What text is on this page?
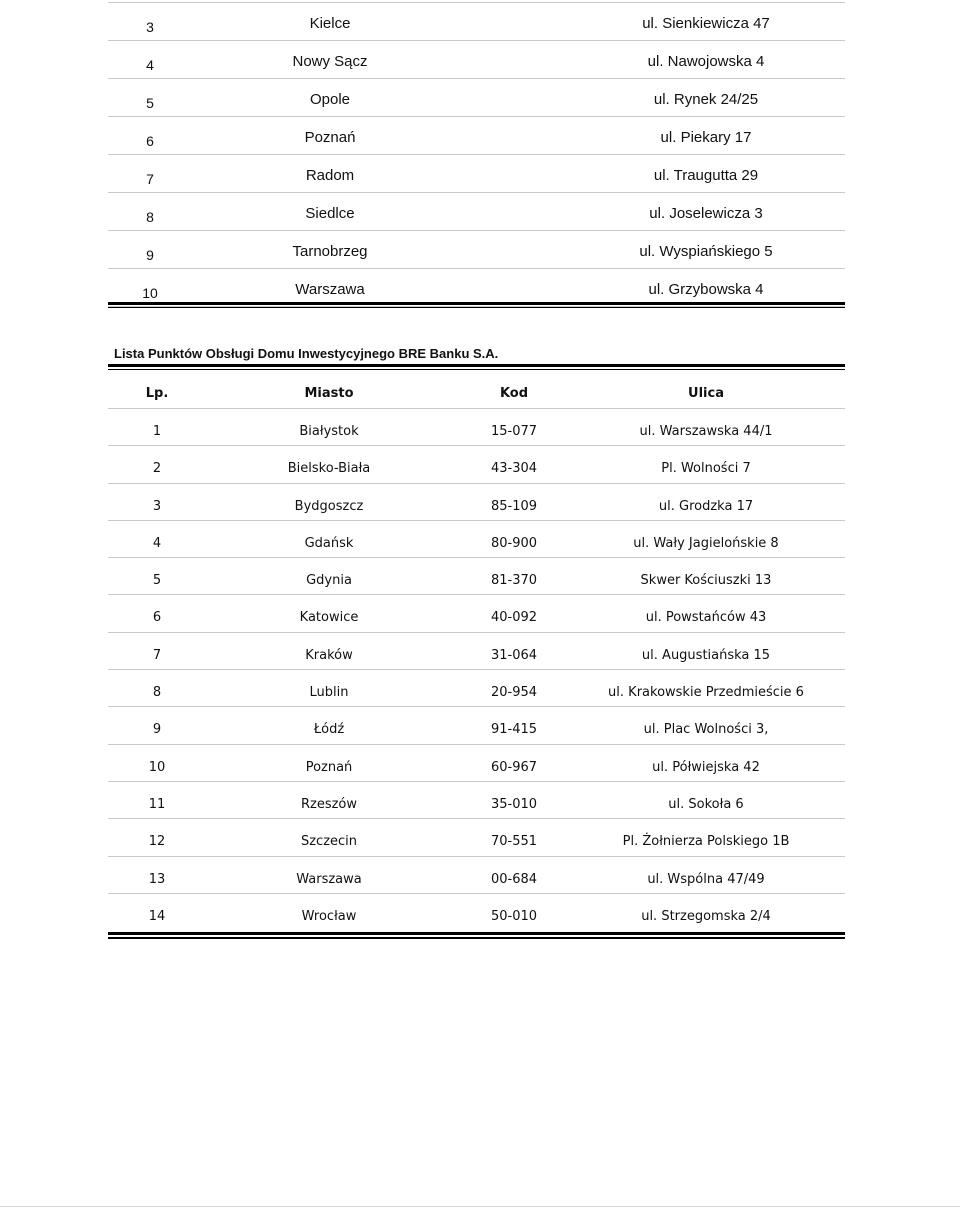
3	Kielce	ul. Sienkiewicza 47
4	Nowy Sącz	ul. Nawojowska 4
5	Opole	ul. Rynek 24/25
6	Poznań	ul. Piekary 17
7	Radom	ul. Traugutta 29
8	Siedlce	ul. Joselewicza 3
9	Tarnobrzeg	ul. Wyspiańskiego 5
10	Warszawa	ul. Grzybowska 4
Lista Punktów Obsługi Domu Inwestycyjnego BRE Banku S.A.
Lp.	Miasto	Kod	Ulica
1	Białystok	15-077	ul. Warszawska 44/1
2	Bielsko-Biała	43-304	Pl. Wolności 7
3	Bydgoszcz	85-109	ul. Grodzka 17
4	Gdańsk	80-900	ul. Wały Jagielońskie 8
5	Gdynia	81-370	Skwer Kościuszki 13
6	Katowice	40-092	ul. Powstańców 43
7	Kraków	31-064	ul. Augustiańska 15
8	Lublin	20-954	ul. Krakowskie Przedmieście 6
9	Łódź	91-415	ul. Plac Wolności 3,
10	Poznań	60-967	ul. Półwiejska 42
11	Rzeszów	35-010	ul. Sokoła 6
12	Szczecin	70-551	Pl. Żołnierza Polskiego 1B
13	Warszawa	00-684	ul. Wspólna 47/49
14	Wrocław	50-010	ul. Strzegomska 2/4
